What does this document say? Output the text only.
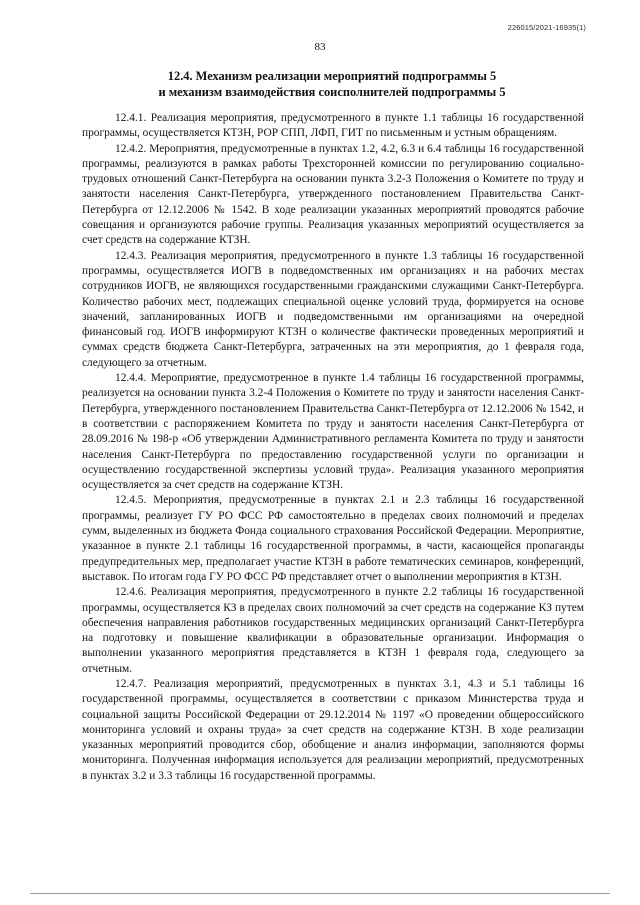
226015/2021-16935(1)
83
12.4. Механизм реализации мероприятий подпрограммы 5
и механизм взаимодействия соисполнителей подпрограммы 5

12.4.1. Реализация мероприятия, предусмотренного в пункте 1.1 таблицы 16 государственной программы, осуществляется КТЗН, РОР СПП, ЛФП, ГИТ по письменным и устным обращениям.

12.4.2. Мероприятия, предусмотренные в пунктах 1.2, 4.2, 6.3 и 6.4 таблицы 16 государственной программы, реализуются в рамках работы Трехсторонней комиссии по регулированию социально-трудовых отношений Санкт-Петербурга на основании пункта 3.2-3 Положения о Комитете по труду и занятости населения Санкт-Петербурга, утвержденного постановлением Правительства Санкт-Петербурга от 12.12.2006 № 1542. В ходе реализации указанных мероприятий проводятся рабочие совещания и организуются рабочие группы. Реализация указанных мероприятий осуществляется за счет средств на содержание КТЗН.

12.4.3. Реализация мероприятия, предусмотренного в пункте 1.3 таблицы 16 государственной программы, осуществляется ИОГВ в подведомственных им организациях и на рабочих местах сотрудников ИОГВ, не являющихся государственными гражданскими служащими Санкт-Петербурга. Количество рабочих мест, подлежащих специальной оценке условий труда, формируется на основе значений, запланированных ИОГВ и подведомственными им организациями на очередной финансовый год. ИОГВ информируют КТЗН о количестве фактически проведенных мероприятий и суммах средств бюджета Санкт-Петербурга, затраченных на эти мероприятия, до 1 февраля года, следующего за отчетным.

12.4.4. Мероприятие, предусмотренное в пункте 1.4 таблицы 16 государственной программы, реализуется на основании пункта 3.2-4 Положения о Комитете по труду и занятости населения Санкт-Петербурга, утвержденного постановлением Правительства Санкт-Петербурга от 12.12.2006 № 1542, и в соответствии с распоряжением Комитета по труду и занятости населения Санкт-Петербурга от 28.09.2016 № 198-р «Об утверждении Административного регламента Комитета по труду и занятости населения Санкт-Петербурга по предоставлению государственной услуги по организации и осуществлению государственной экспертизы условий труда». Реализация указанного мероприятия осуществляется за счет средств на содержание КТЗН.

12.4.5. Мероприятия, предусмотренные в пунктах 2.1 и 2.3 таблицы 16 государственной программы, реализует ГУ РО ФСС РФ самостоятельно в пределах своих полномочий и пределах сумм, выделенных из бюджета Фонда социального страхования Российской Федерации. Мероприятие, указанное в пункте 2.1 таблицы 16 государственной программы, в части, касающейся пропаганды предупредительных мер, предполагает участие КТЗН в работе тематических семинаров, конференций, выставок. По итогам года ГУ РО ФСС РФ представляет отчет о выполнении мероприятия в КТЗН.

12.4.6. Реализация мероприятия, предусмотренного в пункте 2.2 таблицы 16 государственной программы, осуществляется КЗ в пределах своих полномочий за счет средств на содержание КЗ путем обеспечения направления работников государственных медицинских организаций Санкт-Петербурга на подготовку и повышение квалификации в образовательные организации. Информация о выполнении указанного мероприятия представляется в КТЗН 1 февраля года, следующего за отчетным.

12.4.7. Реализация мероприятий, предусмотренных в пунктах 3.1, 4.3 и 5.1 таблицы 16 государственной программы, осуществляется в соответствии с приказом Министерства труда и социальной защиты Российской Федерации от 29.12.2014 № 1197 «О проведении общероссийского мониторинга условий и охраны труда» за счет средств на содержание КТЗН. В ходе реализации указанных мероприятий проводится сбор, обобщение и анализ информации, заполняются формы мониторинга. Полученная информация используется для реализации мероприятий, предусмотренных в пунктах 3.2 и 3.3 таблицы 16 государственной программы.
